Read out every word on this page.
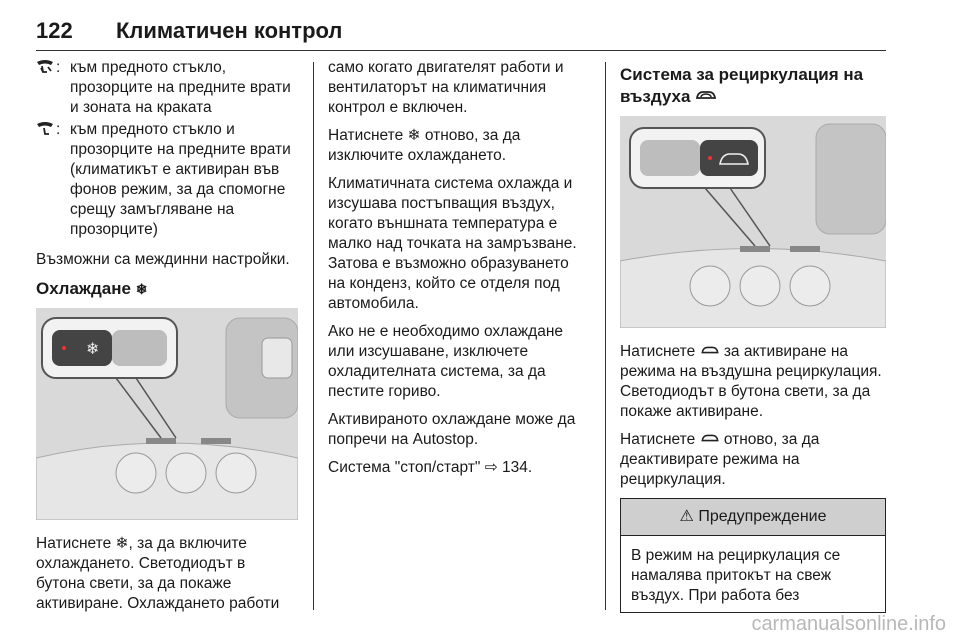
122 Климатичен контрол
: към предното стъкло, прозорците на предните врати и зоната на краката
: към предното стъкло и прозорците на предните врати (климатикът е активиран във фонов режим, за да спомогне срещу замъгляване на прозорците)

Възможни са междинни настройки.

Охлаждане ❄
❄

Натиснете ❄, за да включите охлаждането. Светодиодът в бутона свети, за да покаже активиране. Охлаждането работи

само когато двигателят работи и вентилаторът на климатичния контрол е включен.

Натиснете ❄ отново, за да изключите охлаждането.

Климатичната система охлажда и изсушава постъпващия въздух, когато външната температура е малко над точката на замръзване. Затова е възможно образуването на конденз, който се отделя под автомобила.

Ако не е необходимо охлаждане или изсушаване, изключете охладителната система, за да пестите гориво.

Активираното охлаждане може да попречи на Autostop.

Система "стоп/старт" ⇨ 134.

Система за рециркулация на въздуха

Натиснете за активиране на режима на въздушна рециркулация. Светодиодът в бутона свети, за да покаже активиране.

Натиснете отново, за да деактивирате режима на рециркулация.

⚠ Предупреждение
В режим на рециркулация се намалява притокът на свеж въздух. При работа без
carmanualsonline.info
